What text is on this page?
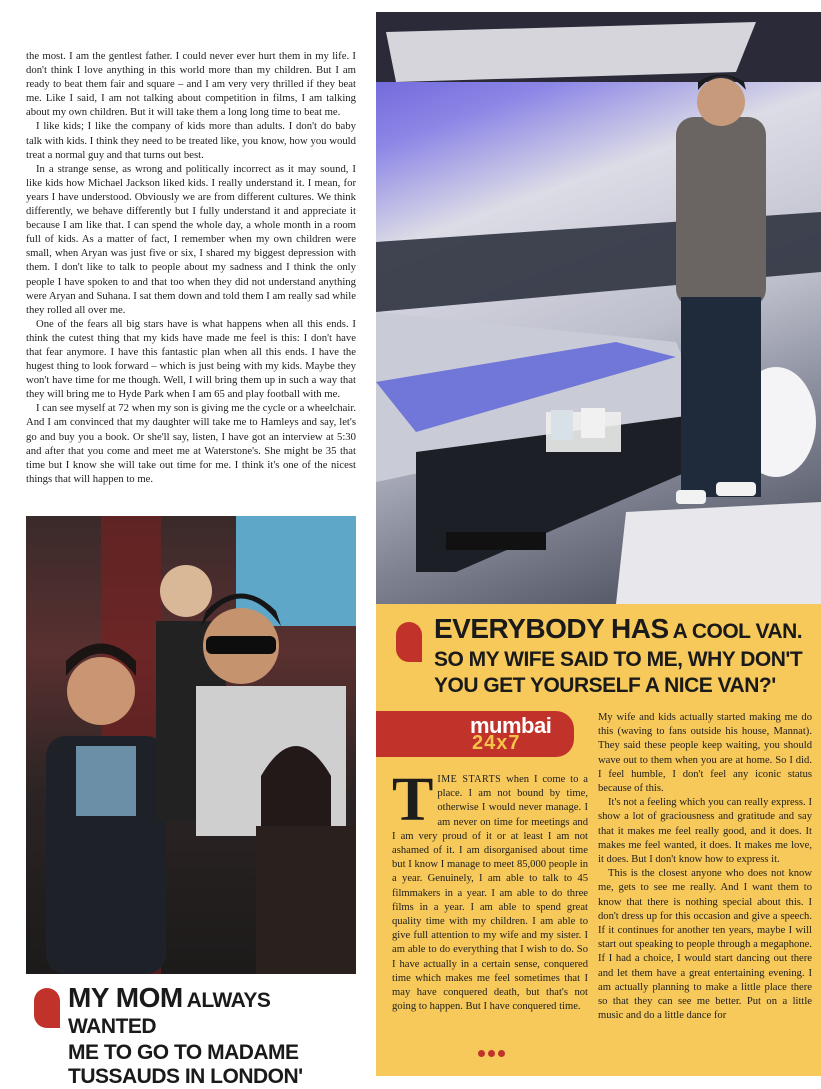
the most. I am the gentlest father. I could never ever hurt them in my life. I don't think I love anything in this world more than my children. But I am ready to beat them fair and square – and I am very very thrilled if they beat me. Like I said, I am not talking about competition in films, I am talking about my own children. But it will take them a long long time to beat me.

I like kids; I like the company of kids more than adults. I don't do baby talk with kids. I think they need to be treated like, you know, how you would treat a normal guy and that turns out best.

In a strange sense, as wrong and politically incorrect as it may sound, I like kids how Michael Jackson liked kids. I really understand it. I mean, for years I have understood. Obviously we are from different cultures. We think differently, we behave differently but I fully understand it and appreciate it because I am like that. I can spend the whole day, a whole month in a room full of kids. As a matter of fact, I remember when my own children were small, when Aryan was just five or six, I shared my biggest depression with them. I don't like to talk to people about my sadness and I think the only people I have spoken to and that too when they did not understand anything were Aryan and Suhana. I sat them down and told them I am really sad while they rolled all over me.

One of the fears all big stars have is what happens when all this ends. I think the cutest thing that my kids have made me feel is this: I don't have that fear anymore. I have this fantastic plan when all this ends. I have the hugest thing to look forward – which is just being with my kids. Maybe they won't have time for me though. Well, I will bring them up in such a way that they will bring me to Hyde Park when I am 65 and play football with me.

I can see myself at 72 when my son is giving me the cycle or a wheelchair. And I am convinced that my daughter will take me to Hamleys and say, let's go and buy you a book. Or she'll say, listen, I have got an interview at 5:30 and after that you come and meet me at Waterstone's. She might be 35 that time but I know she will take out time for me. I think it's one of the nicest things that will happen to me.

MY MOM ALWAYS WANTED
ME TO GO TO MADAME
TUSSAUDS IN LONDON'
EVERYBODY HAS A COOL VAN.
SO MY WIFE SAID TO ME, WHY DON'T
YOU GET YOURSELF A NICE VAN?'
mumbai
24x7
T IME STARTS when I come to a place. I am not bound by time, otherwise I would never manage. I am never on time for meetings and I am very proud of it or at least I am not ashamed of it. I am disorganised about time but I know I manage to meet 85,000 people in a year. Genuinely, I am able to talk to 45 filmmakers in a year. I am able to do three films in a year. I am able to spend great quality time with my children. I am able to give full attention to my wife and my sister. I am able to do everything that I wish to do. So I have actually in a certain sense, conquered time which makes me feel sometimes that I may have conquered death, but that's not going to happen. But I have conquered time.

My wife and kids actually started making me do this (waving to fans outside his house, Mannat). They said these people keep waiting, you should wave out to them when you are at home. So I did. I feel humble, I don't feel any iconic status because of this.

It's not a feeling which you can really express. I show a lot of graciousness and gratitude and say that it makes me feel really good, and it does. It makes me feel wanted, it does. It makes me love, it does. But I don't know how to express it.

This is the closest anyone who does not know me, gets to see me really. And I want them to know that there is nothing special about this. I don't dress up for this occasion and give a speech. If it continues for another ten years, maybe I will start out speaking to people through a megaphone. If I had a choice, I would start dancing out there and let them have a great entertaining evening. I am actually planning to make a little place there so that they can see me better. Put on a little music and do a little dance for
